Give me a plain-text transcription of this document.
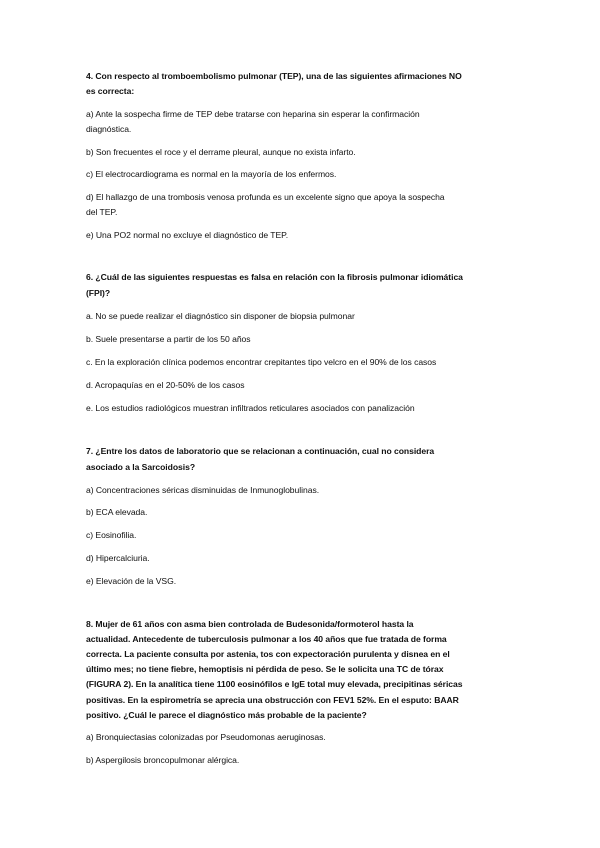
4. Con respecto al tromboembolismo pulmonar (TEP), una de las siguientes afirmaciones NO
es correcta:
a) Ante la sospecha firme de TEP debe tratarse con heparina sin esperar la confirmación
diagnóstica.
b) Son frecuentes el roce y el derrame pleural, aunque no exista infarto.
c) El electrocardiograma es normal en la mayoría de los enfermos.
d) El hallazgo de una trombosis venosa profunda es un excelente signo que apoya la sospecha
del TEP.
e) Una PO2 normal no excluye el diagnóstico de TEP.
6. ¿Cuál de las siguientes respuestas es falsa en relación con la fibrosis pulmonar idiomática
(FPI)?
a. No se puede realizar el diagnóstico sin disponer de biopsia pulmonar
b. Suele presentarse a partir de los 50 años
c. En la exploración clínica podemos encontrar crepitantes tipo velcro en el 90% de los casos
d. Acropaquías en el 20-50% de los casos
e. Los estudios radiológicos muestran infiltrados reticulares asociados con panalización
7. ¿Entre los datos de laboratorio que se relacionan a continuación, cual no considera
asociado a la Sarcoidosis?
a) Concentraciones séricas disminuidas de Inmunoglobulinas.
b) ECA elevada.
c) Eosinofilia.
d) Hipercalciuria.
e) Elevación de la VSG.
8. Mujer de 61 años con asma bien controlada de Budesonida/formoterol hasta la
actualidad. Antecedente de tuberculosis pulmonar a los 40 años que fue tratada de forma
correcta. La paciente consulta por astenia, tos con expectoración purulenta y disnea en el
último mes; no tiene fiebre, hemoptisis ni pérdida de peso. Se le solicita una TC de tórax
(FIGURA 2). En la analítica tiene 1100 eosinófilos e IgE total muy elevada, precipitinas séricas
positivas. En la espirometría se aprecia una obstrucción con FEV1 52%. En el esputo: BAAR
positivo. ¿Cuál le parece el diagnóstico más probable de la paciente?
a) Bronquiectasias colonizadas por Pseudomonas aeruginosas.
b) Aspergilosis broncopulmonar alérgica.
